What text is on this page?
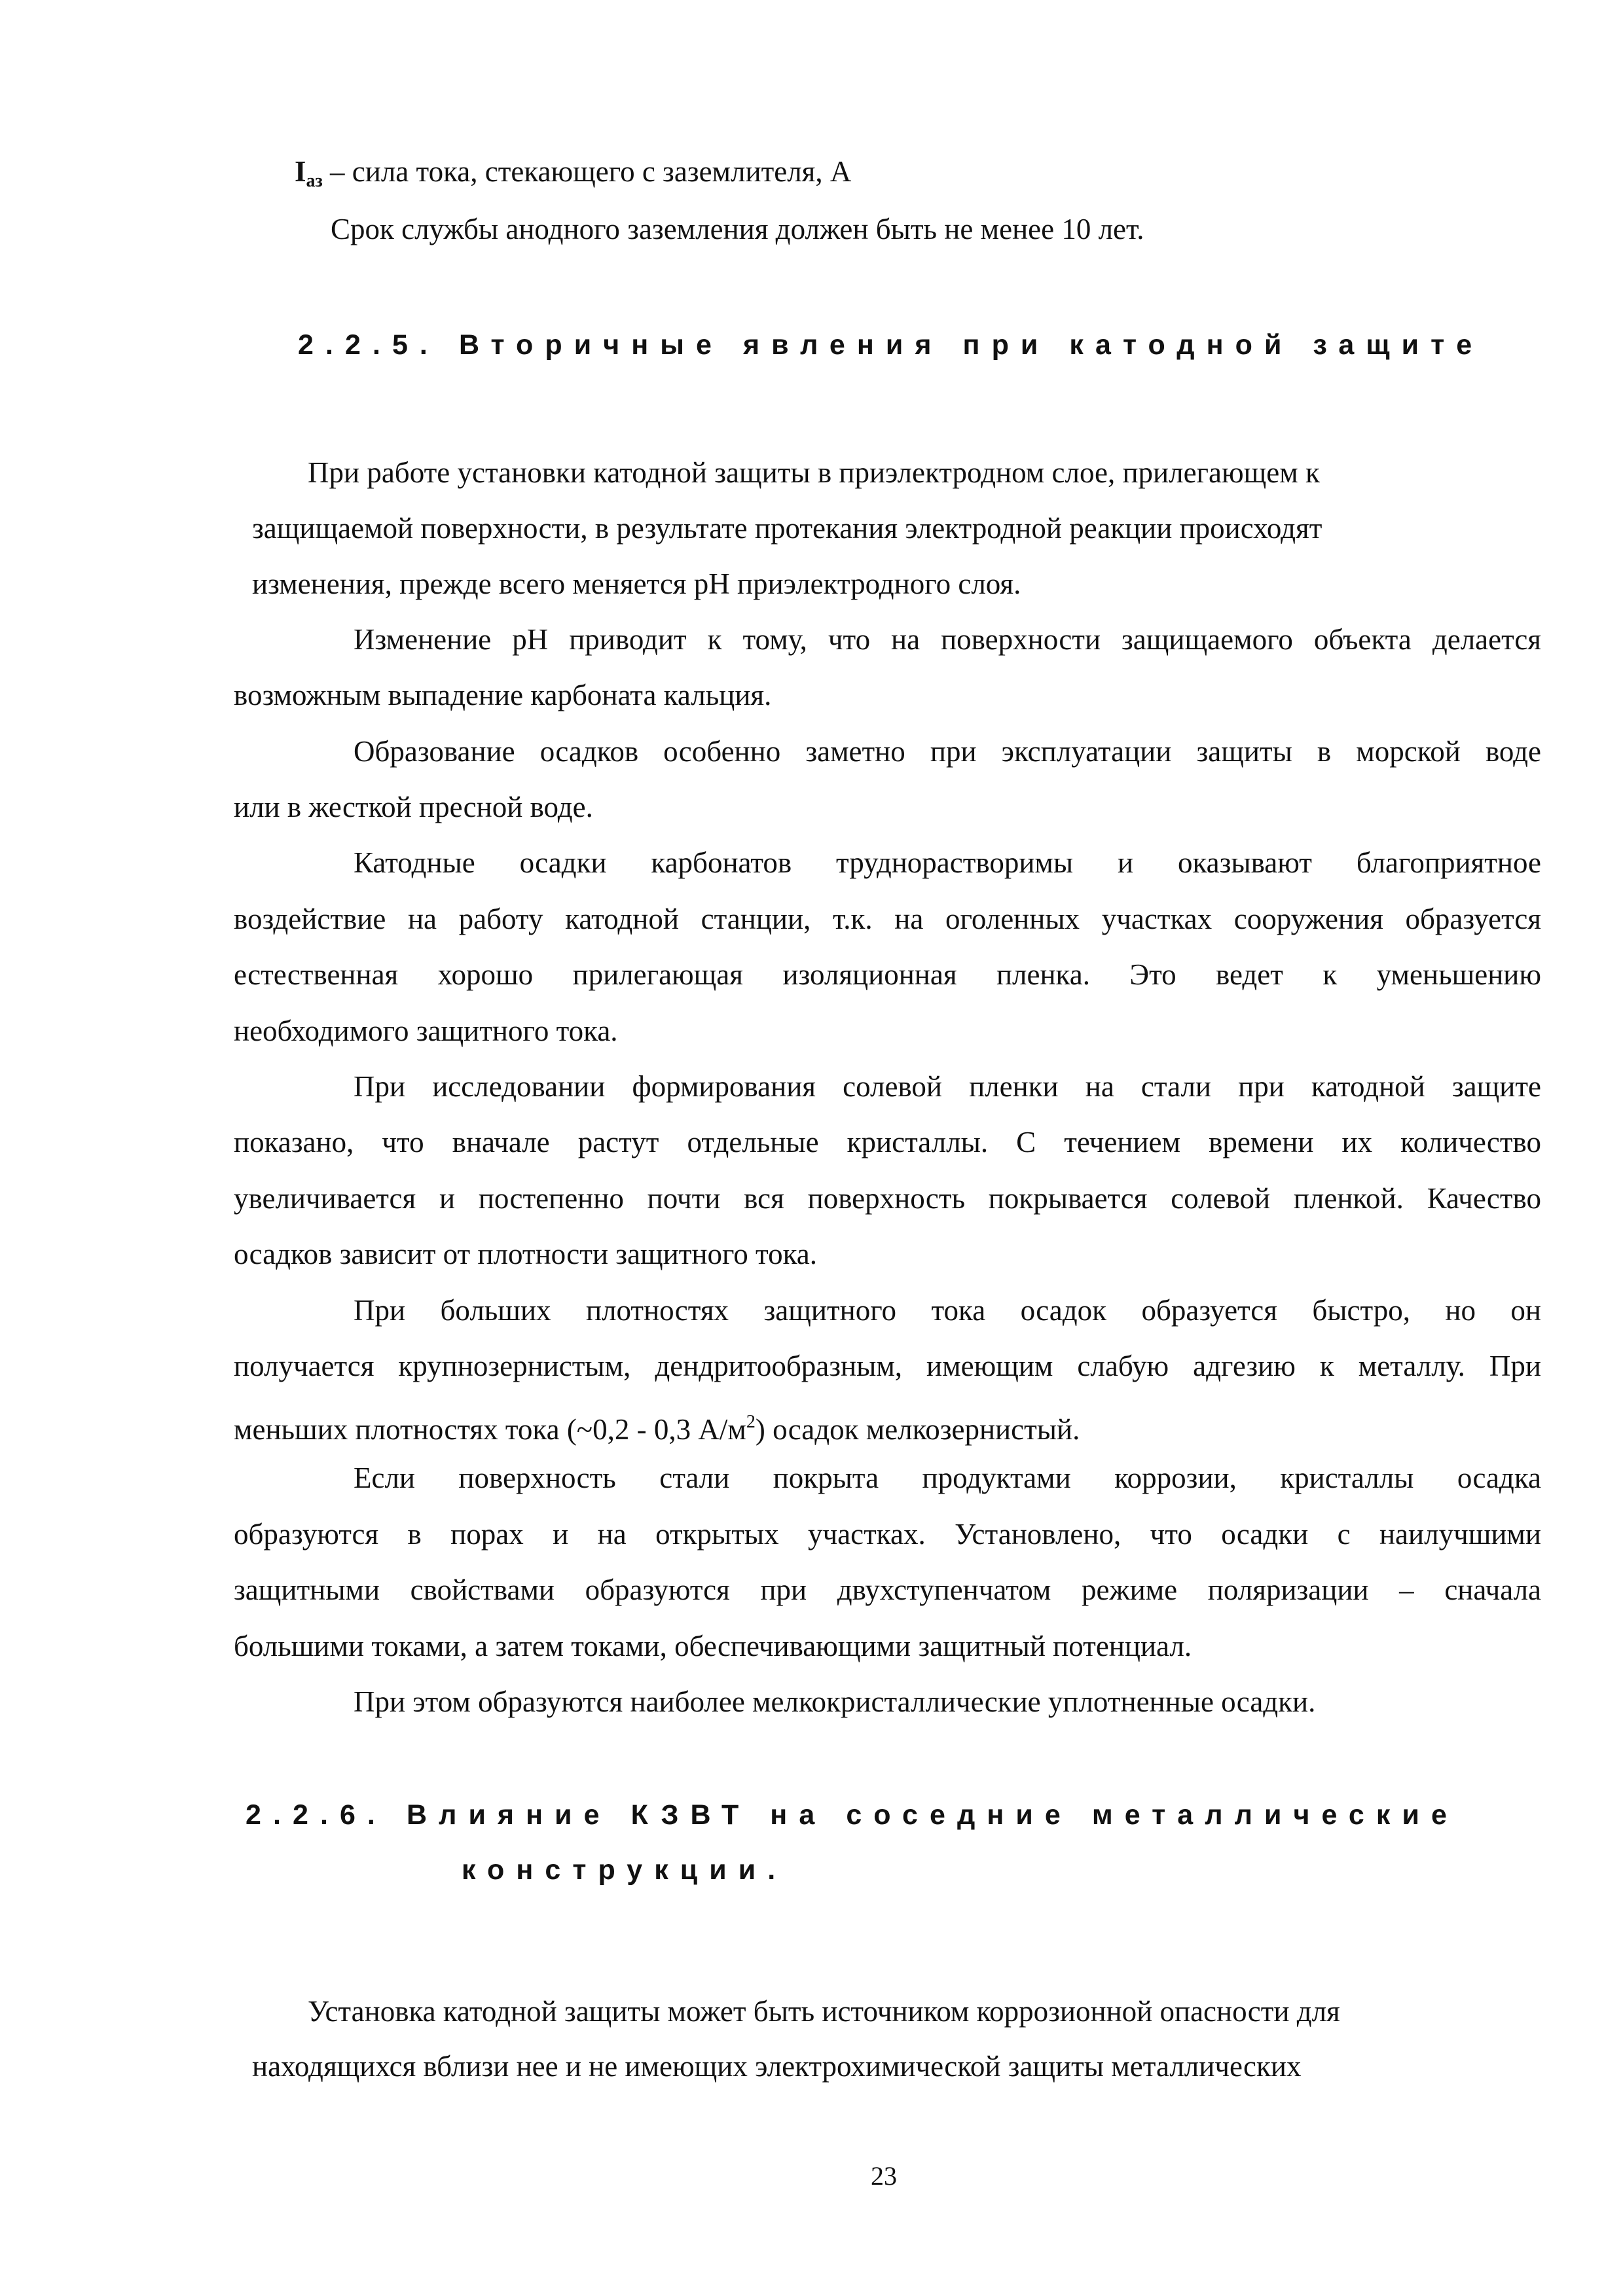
$I_{аз}$ – сила тока, стекающего с заземлителя, А

Срок службы анодного заземления должен быть не менее 10 лет.

2.2.5. Вторичные явления при катодной защите

При работе установки катодной защиты в приэлектродном слое, прилегающем к

защищаемой поверхности, в результате протекания электродной реакции происходят

изменения, прежде всего меняется pH приэлектродного слоя.

Изменение pH приводит к тому, что на поверхности защищаемого объекта делается

возможным выпадение карбоната кальция.

Образование осадков особенно заметно при эксплуатации защиты в морской воде

или в жесткой пресной воде.

Катодные осадки карбонатов труднорастворимы и оказывают благоприятное

воздействие на работу катодной станции, т.к. на оголенных участках сооружения образуется

естественная хорошо прилегающая изоляционная пленка. Это ведет к уменьшению

необходимого защитного тока.

При исследовании формирования солевой пленки на стали при катодной защите

показано, что вначале растут отдельные кристаллы. С течением времени их количество

увеличивается и постепенно почти вся поверхность покрывается солевой пленкой. Качество

осадков зависит от плотности защитного тока.

При больших плотностях защитного тока осадок образуется быстро, но он

получается крупнозернистым, дендритообразным, имеющим слабую адгезию к металлу. При

меньших плотностях тока (~0,2 - 0,3 $А/м^2$) осадок мелкозернистый.

Если поверхность стали покрыта продуктами коррозии, кристаллы осадка

образуются в порах и на открытых участках. Установлено, что осадки с наилучшими

защитными свойствами образуются при двухступенчатом режиме поляризации – сначала

большими токами, а затем токами, обеспечивающими защитный потенциал.

При этом образуются наиболее мелкокристаллические уплотненные осадки.

2.2.6. Влияние КЗВТ на соседние металлические
конструкции.

Установка катодной защиты может быть источником коррозионной опасности для

находящихся вблизи нее и не имеющих электрохимической защиты металлических

23
